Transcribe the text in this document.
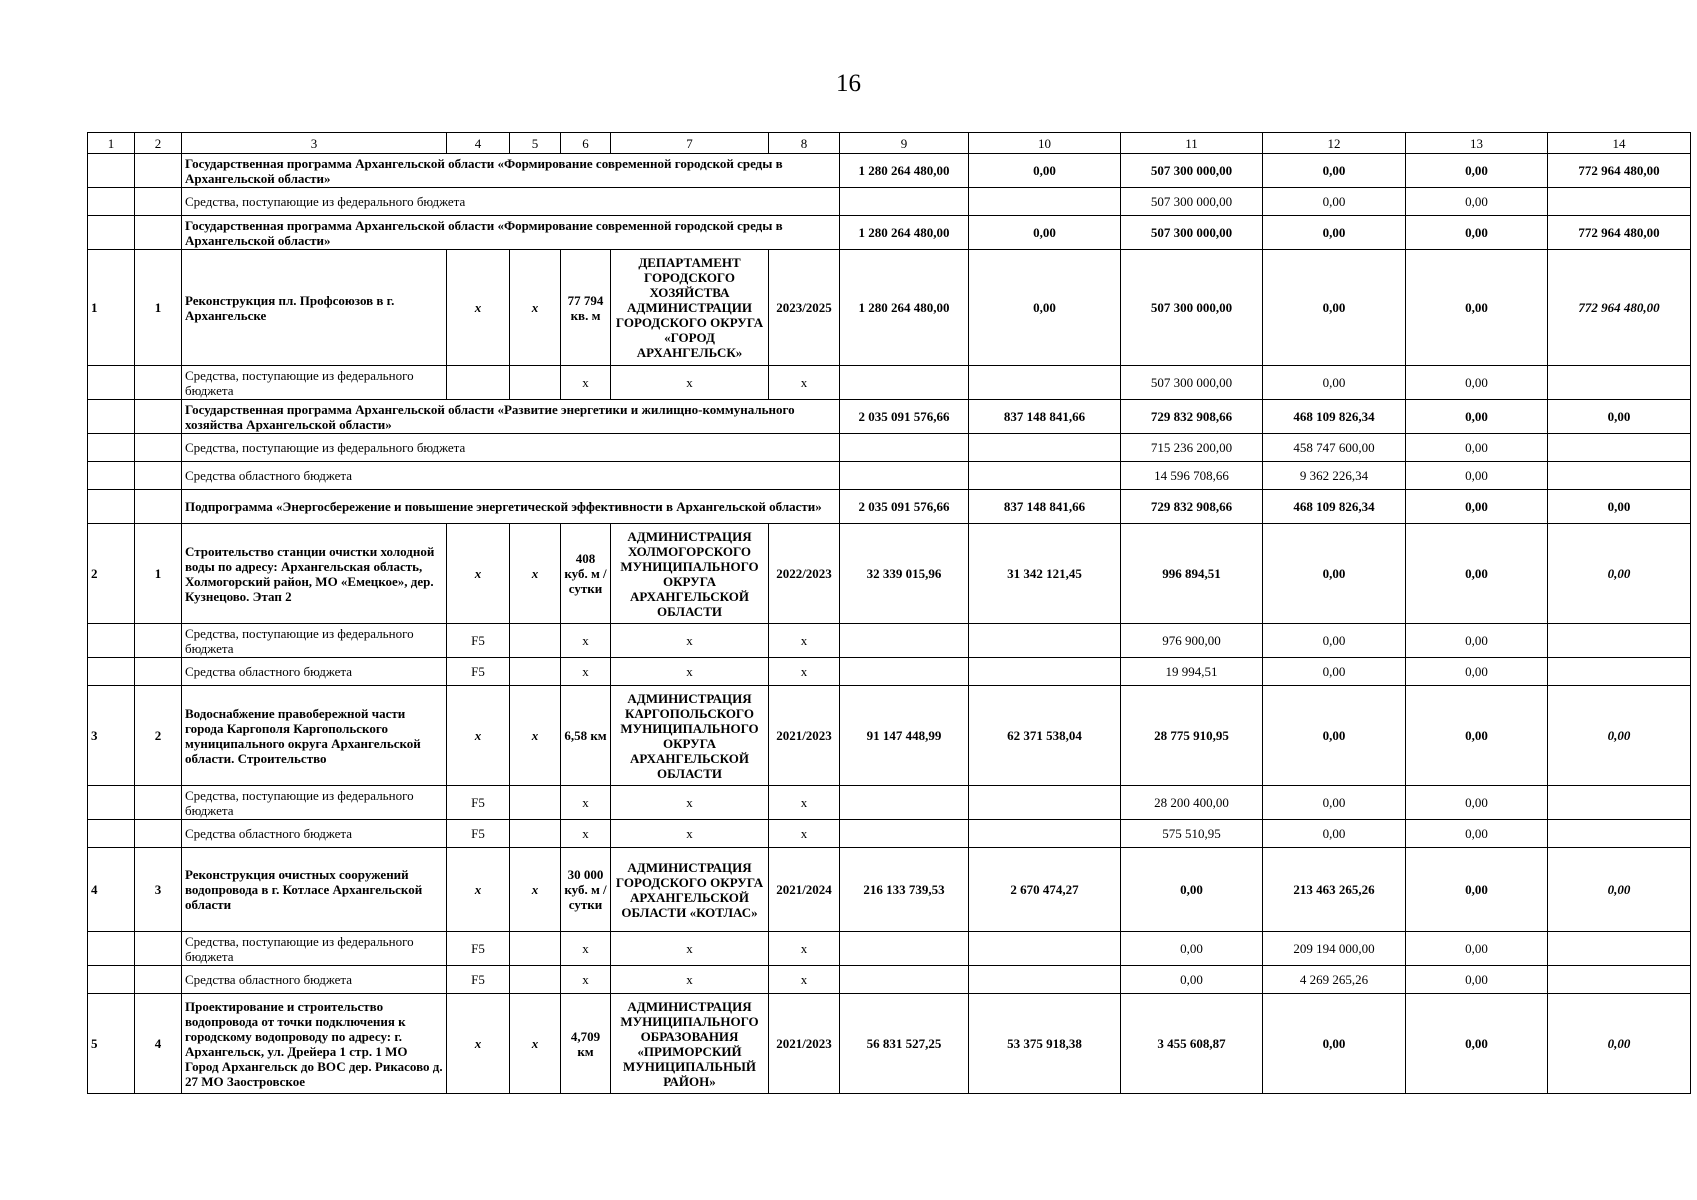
16
1	2	3	4	5	6	7	8	9	10	11	12	13	14
		Государственная программа Архангельской области «Формирование современной городской среды в Архангельской области»						1 280 264 480,00	0,00	507 300 000,00	0,00	0,00	772 964 480,00
		Средства, поступающие из федерального бюджета								507 300 000,00	0,00	0,00	
		Государственная программа Архангельской области «Формирование современной городской среды в Архангельской области»						1 280 264 480,00	0,00	507 300 000,00	0,00	0,00	772 964 480,00
1	1	Реконструкция пл. Профсоюзов в г. Архангельске	х	х	77 794 кв. м	ДЕПАРТАМЕНТ ГОРОДСКОГО ХОЗЯЙСТВА АДМИНИСТРАЦИИ ГОРОДСКОГО ОКРУГА «ГОРОД АРХАНГЕЛЬСК»	2023/2025	1 280 264 480,00	0,00	507 300 000,00	0,00	0,00	772 964 480,00
		Средства, поступающие из федерального бюджета			х	х	х			507 300 000,00	0,00	0,00	
		Государственная программа Архангельской области «Развитие энергетики и жилищно-коммунального хозяйства Архангельской области»						2 035 091 576,66	837 148 841,66	729 832 908,66	468 109 826,34	0,00	0,00
		Средства, поступающие из федерального бюджета								715 236 200,00	458 747 600,00	0,00	
		Средства областного бюджета								14 596 708,66	9 362 226,34	0,00	
		Подпрограмма «Энергосбережение и повышение энергетической эффективности в Архангельской области»						2 035 091 576,66	837 148 841,66	729 832 908,66	468 109 826,34	0,00	0,00
2	1	Строительство станции очистки холодной воды по адресу: Архангельская область, Холмогорский район, МО «Емецкое», дер. Кузнецово. Этап 2	х	х	408 куб. м / сутки	АДМИНИСТРАЦИЯ ХОЛМОГОРСКОГО МУНИЦИПАЛЬНОГО ОКРУГА АРХАНГЕЛЬСКОЙ ОБЛАСТИ	2022/2023	32 339 015,96	31 342 121,45	996 894,51	0,00	0,00	0,00
		Средства, поступающие из федерального бюджета	F5		х	х	х			976 900,00	0,00	0,00	
		Средства областного бюджета	F5		х	х	х			19 994,51	0,00	0,00	
3	2	Водоснабжение правобережной части города Каргополя Каргопольского муниципального округа Архангельской области. Строительство	х	х	6,58 км	АДМИНИСТРАЦИЯ КАРГОПОЛЬСКОГО МУНИЦИПАЛЬНОГО ОКРУГА АРХАНГЕЛЬСКОЙ ОБЛАСТИ	2021/2023	91 147 448,99	62 371 538,04	28 775 910,95	0,00	0,00	0,00
		Средства, поступающие из федерального бюджета	F5		х	х	х			28 200 400,00	0,00	0,00	
		Средства областного бюджета	F5		х	х	х			575 510,95	0,00	0,00	
4	3	Реконструкция очистных сооружений водопровода в г. Котласе Архангельской области	х	х	30 000 куб. м / сутки	АДМИНИСТРАЦИЯ ГОРОДСКОГО ОКРУГА АРХАНГЕЛЬСКОЙ ОБЛАСТИ «КОТЛАС»	2021/2024	216 133 739,53	2 670 474,27	0,00	213 463 265,26	0,00	0,00
		Средства, поступающие из федерального бюджета	F5		х	х	х			0,00	209 194 000,00	0,00	
		Средства областного бюджета	F5		х	х	х			0,00	4 269 265,26	0,00	
5	4	Проектирование и строительство водопровода от точки подключения к городскому водопроводу по адресу: г. Архангельск, ул. Дрейера 1 стр. 1 МО Город Архангельск до ВОС дер. Рикасово д. 27 МО Заостровское	х	х	4,709 км	АДМИНИСТРАЦИЯ МУНИЦИПАЛЬНОГО ОБРАЗОВАНИЯ «ПРИМОРСКИЙ МУНИЦИПАЛЬНЫЙ РАЙОН»	2021/2023	56 831 527,25	53 375 918,38	3 455 608,87	0,00	0,00	0,00
